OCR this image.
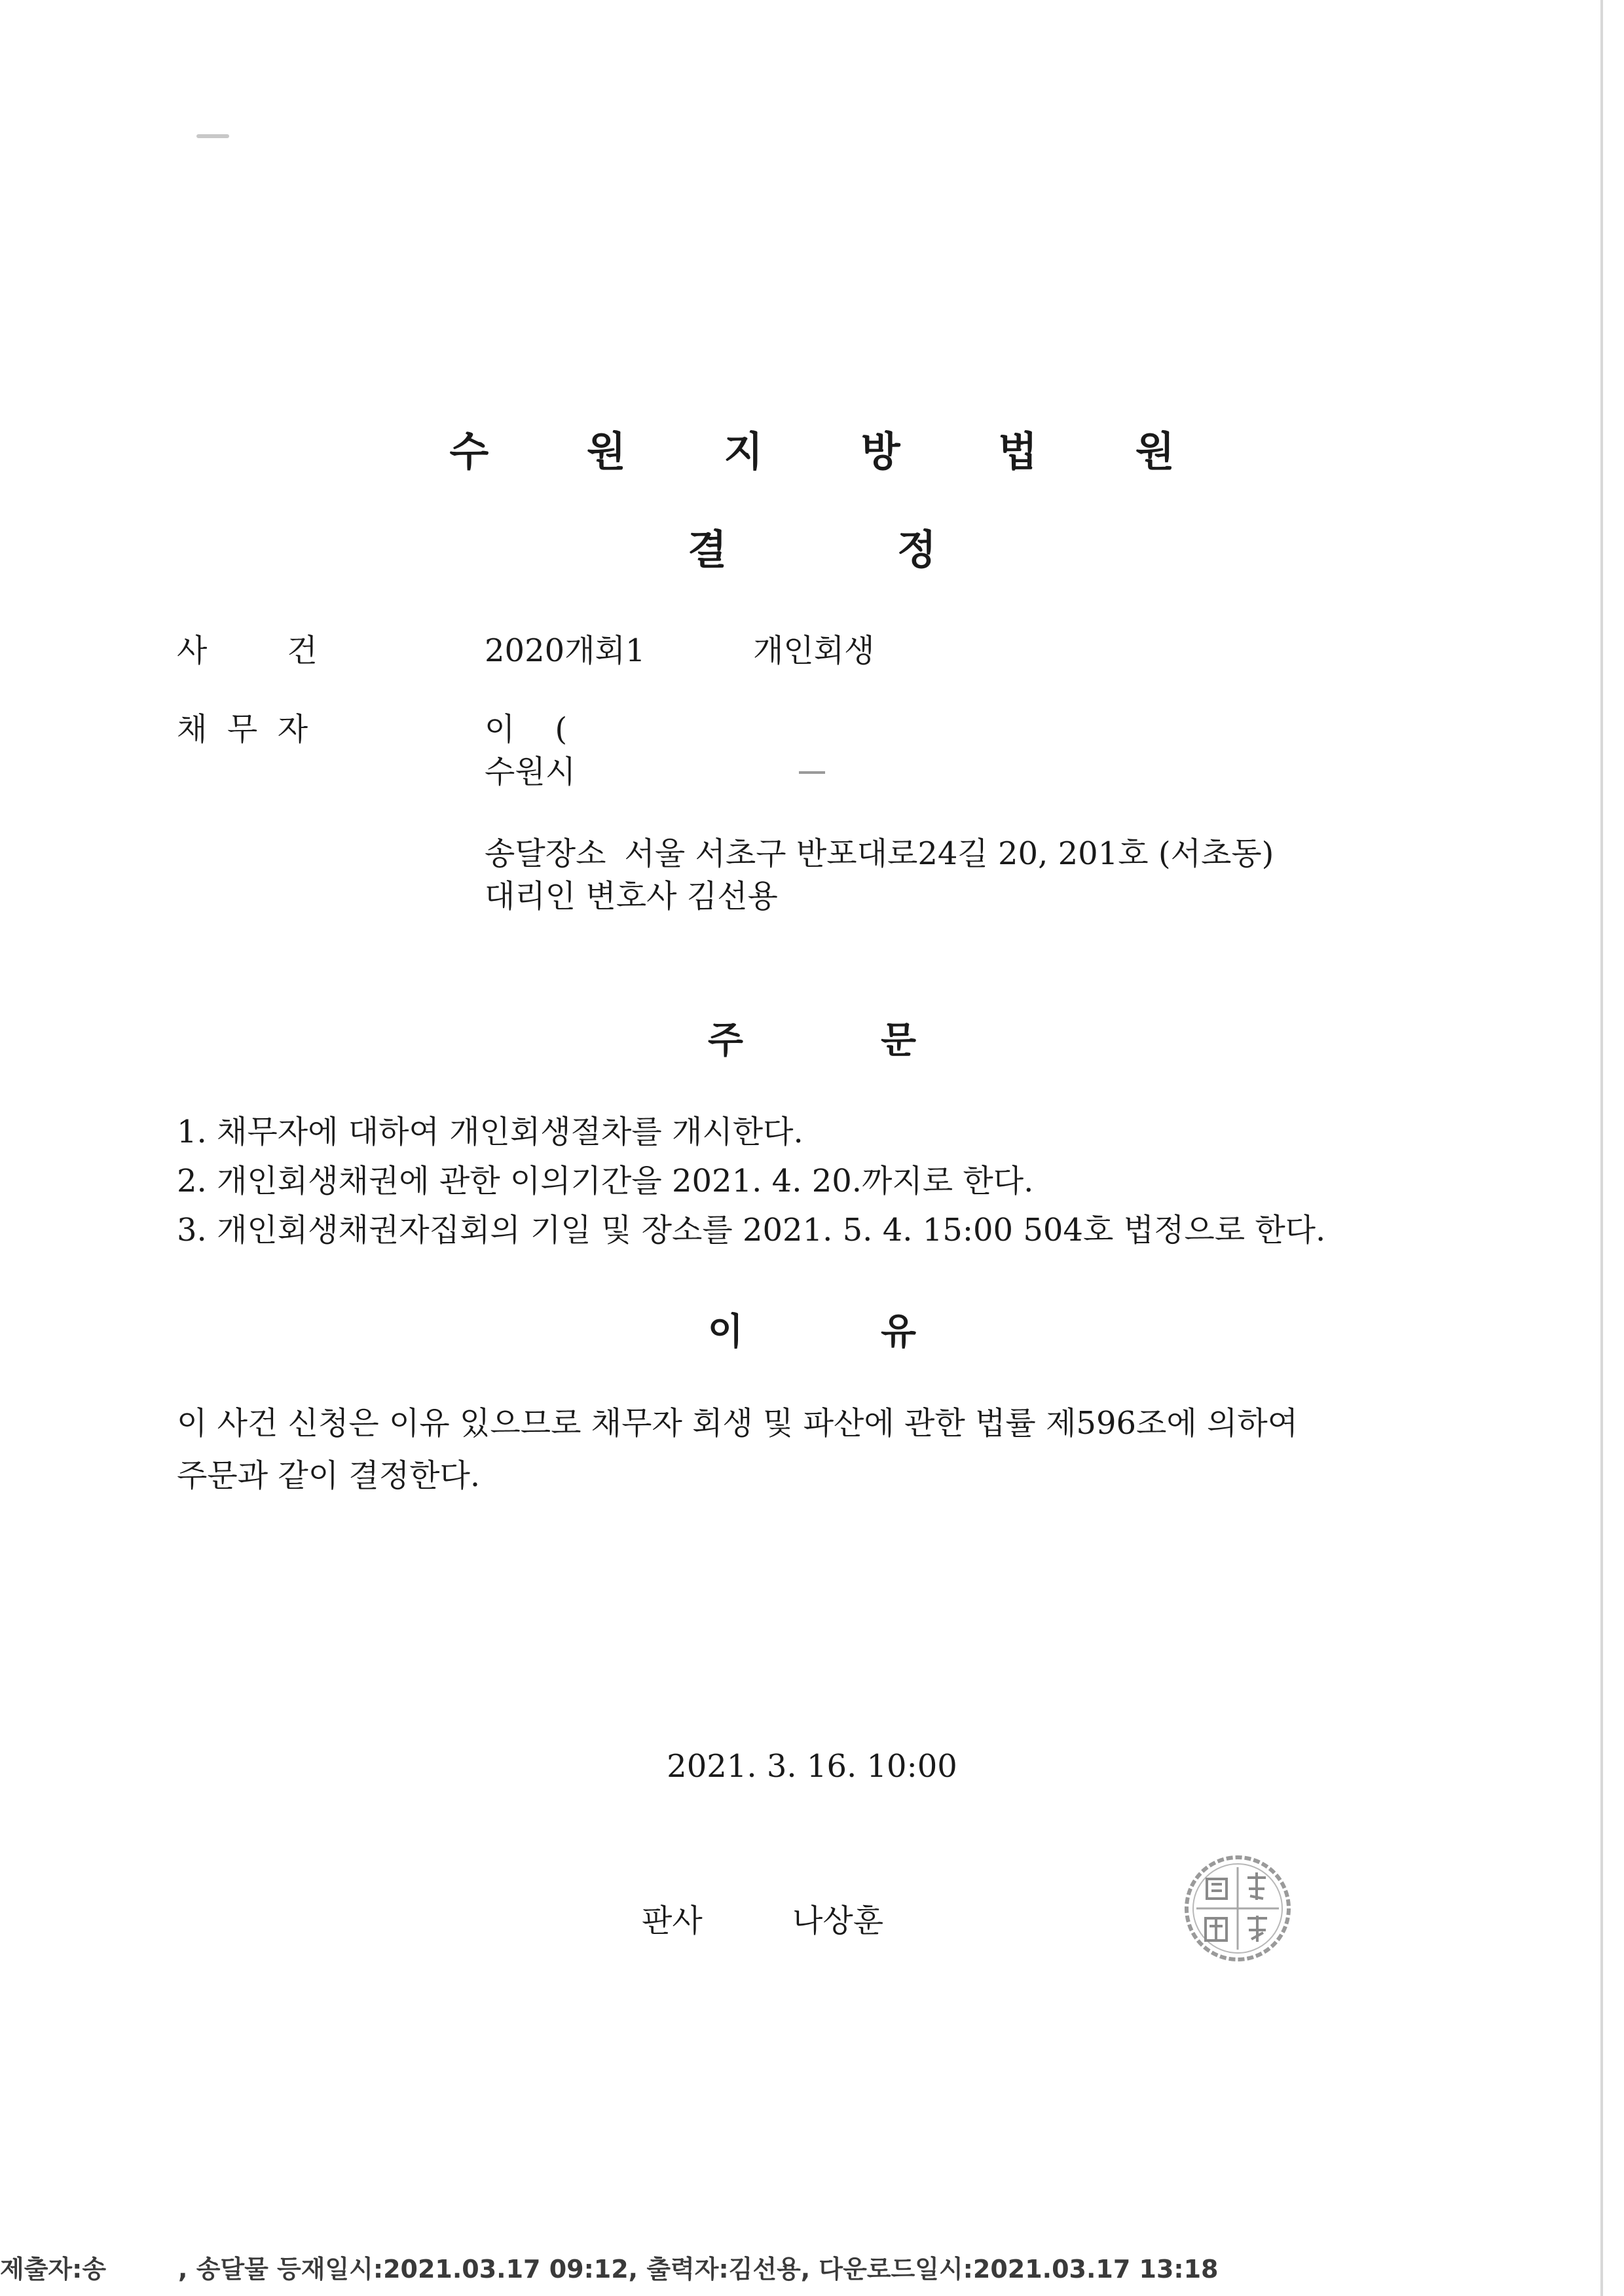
수 원 지 방 법 원
결	정
사        건	2020개회1	개인회생
채  무  자	이    (
수원시
송달장소 서울 서초구 반포대로24길 20, 201호 (서초동)
대리인 변호사 김선용
주	문
1. 채무자에 대하여 개인회생절차를 개시한다.
2. 개인회생채권에 관한 이의기간을 2021. 4. 20.까지로 한다.
3. 개인회생채권자집회의 기일 및 장소를 2021. 5. 4. 15:00 504호 법정으로 한다.
이	유
이 사건 신청은 이유 있으므로 채무자 회생 및 파산에 관한 법률 제596조에 의하여
주문과 같이 결정한다.
2021. 3. 16. 10:00
판사	나상훈
제출자:송	, 송달물 등재일시:2021.03.17 09:12, 출력자:김선용, 다운로드일시:2021.03.17 13:18
